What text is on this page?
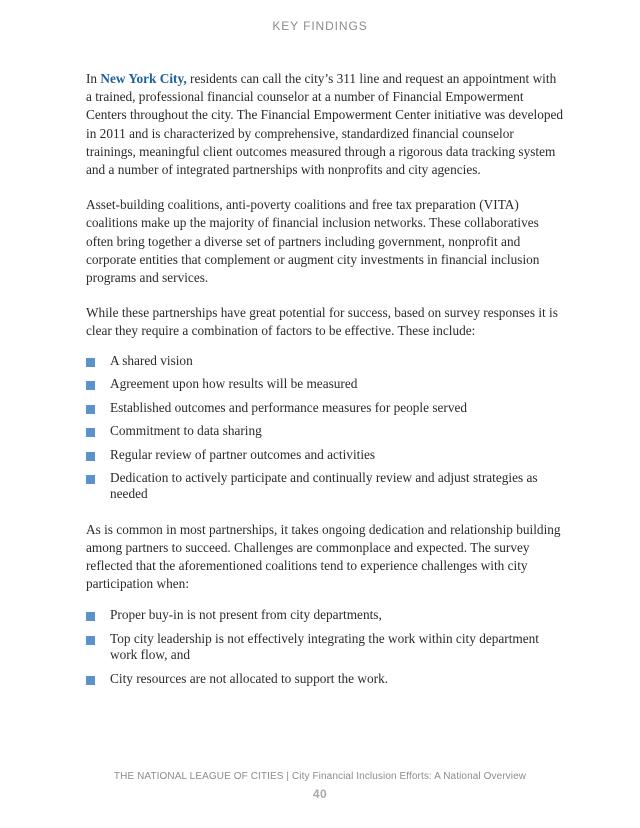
KEY FINDINGS

In New York City, residents can call the city’s 311 line and request an appointment with a trained, professional financial counselor at a number of Financial Empowerment Centers throughout the city. The Financial Empowerment Center initiative was developed in 2011 and is characterized by comprehensive, standardized financial counselor trainings, meaningful client outcomes measured through a rigorous data tracking system and a number of integrated partnerships with nonprofits and city agencies.

Asset-building coalitions, anti-poverty coalitions and free tax preparation (VITA) coalitions make up the majority of financial inclusion networks. These collaboratives often bring together a diverse set of partners including government, nonprofit and corporate entities that complement or augment city investments in financial inclusion programs and services.

While these partnerships have great potential for success, based on survey responses it is clear they require a combination of factors to be effective. These include:

A shared vision
Agreement upon how results will be measured
Established outcomes and performance measures for people served
Commitment to data sharing
Regular review of partner outcomes and activities
Dedication to actively participate and continually review and adjust strategies as needed

As is common in most partnerships, it takes ongoing dedication and relationship building among partners to succeed. Challenges are commonplace and expected. The survey reflected that the aforementioned coalitions tend to experience challenges with city participation when:

Proper buy-in is not present from city departments,
Top city leadership is not effectively integrating the work within city department work flow, and
City resources are not allocated to support the work.
THE NATIONAL LEAGUE OF CITIES | City Financial Inclusion Efforts: A National Overview
40
